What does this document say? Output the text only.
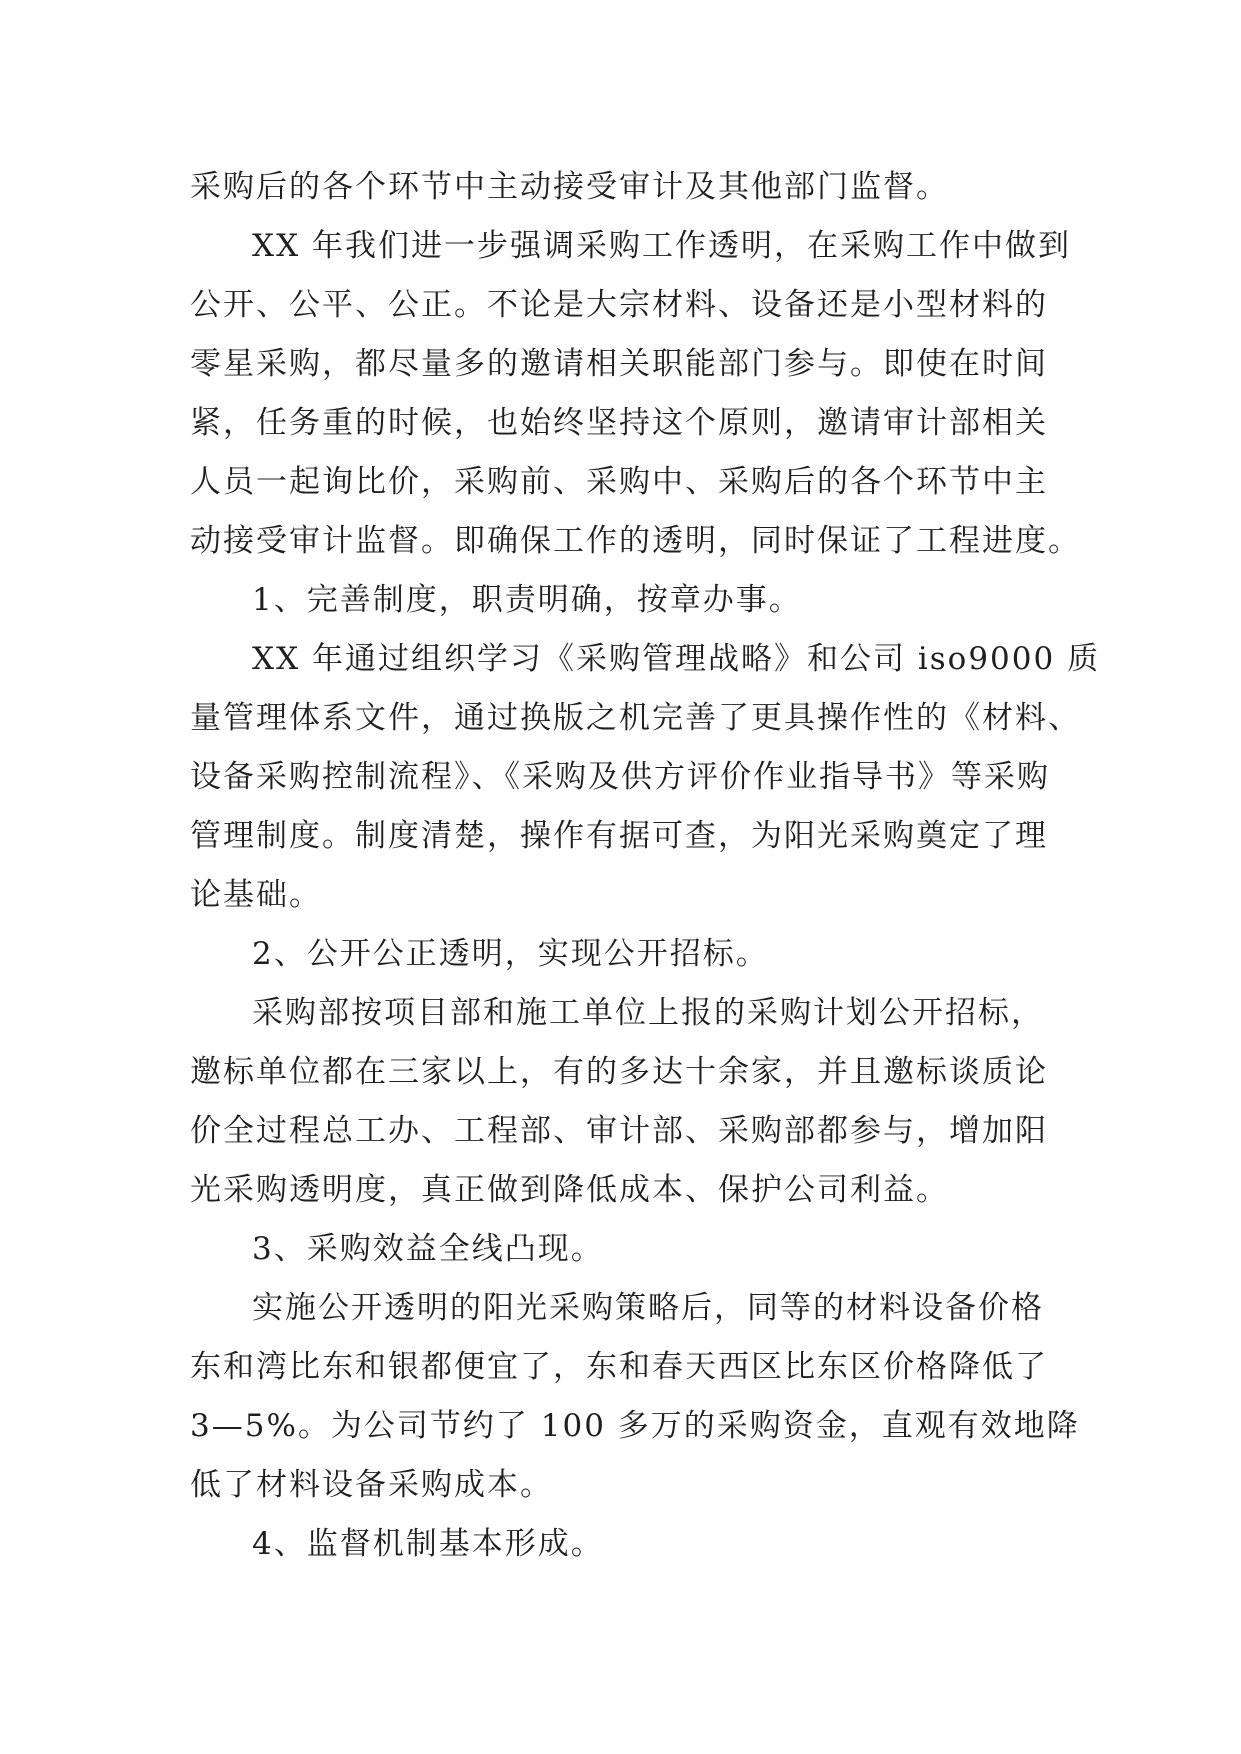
采购后的各个环节中主动接受审计及其他部门监督。
XX 年我们进一步强调采购工作透明，在采购工作中做到
公开、公平、公正。不论是大宗材料、设备还是小型材料的
零星采购，都尽量多的邀请相关职能部门参与。即使在时间
紧，任务重的时候，也始终坚持这个原则，邀请审计部相关
人员一起询比价，采购前、采购中、采购后的各个环节中主
动接受审计监督。即确保工作的透明，同时保证了工程进度。
1、完善制度，职责明确，按章办事。
XX 年通过组织学习《采购管理战略》和公司 iso9000 质
量管理体系文件，通过换版之机完善了更具操作性的《材料、
设备采购控制流程》、《采购及供方评价作业指导书》等采购
管理制度。制度清楚，操作有据可查，为阳光采购奠定了理
论基础。
2、公开公正透明，实现公开招标。
采购部按项目部和施工单位上报的采购计划公开招标，
邀标单位都在三家以上，有的多达十余家，并且邀标谈质论
价全过程总工办、工程部、审计部、采购部都参与，增加阳
光采购透明度，真正做到降低成本、保护公司利益。
3、采购效益全线凸现。
实施公开透明的阳光采购策略后，同等的材料设备价格
东和湾比东和银都便宜了，东和春天西区比东区价格降低了
3—5%。为公司节约了 100 多万的采购资金，直观有效地降
低了材料设备采购成本。
4、监督机制基本形成。
